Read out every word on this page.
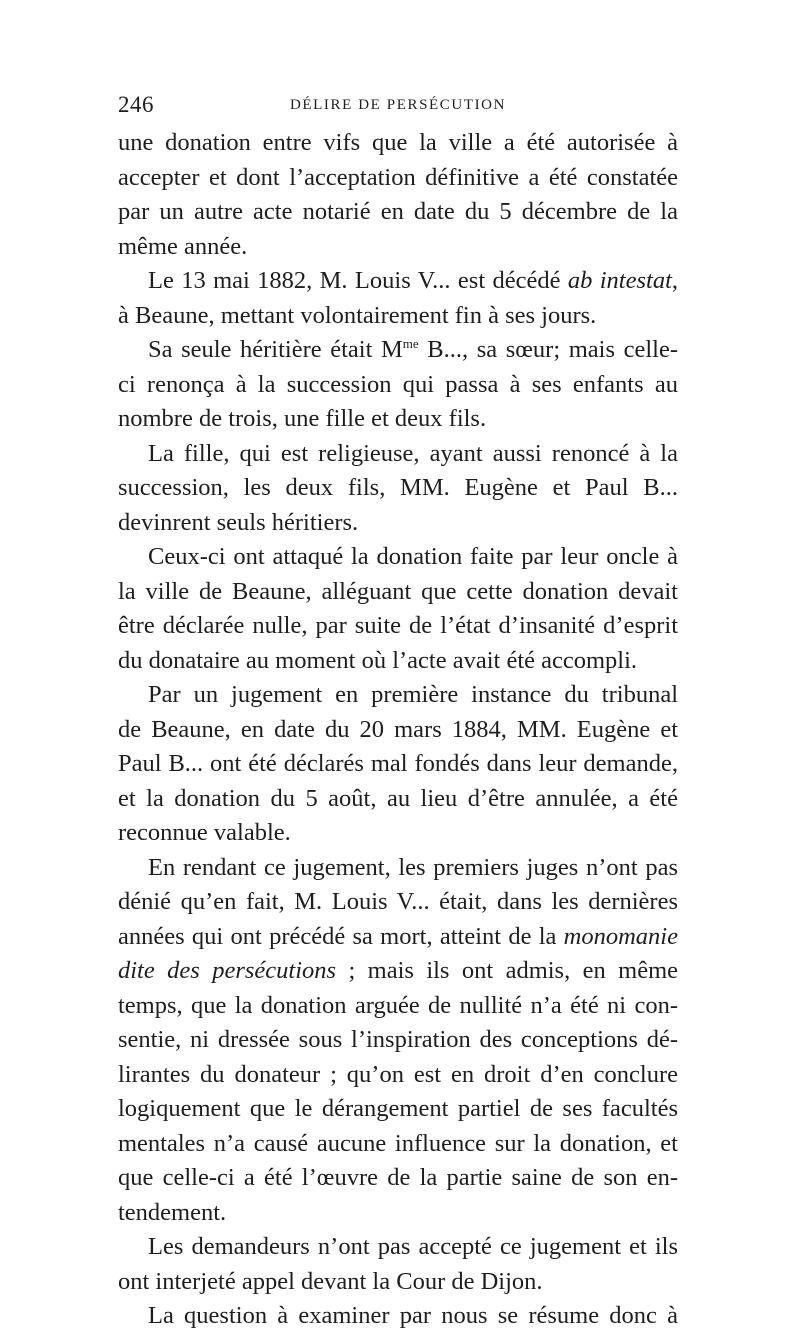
246	DÉLIRE DE PERSÉCUTION
une donation entre vifs que la ville a été autorisée à
accepter et dont l’acceptation définitive a été constatée
par un autre acte notarié en date du 5 décembre de la
même année.
Le 13 mai 1882, M. Louis V... est décédé ab intestat,
à Beaune, mettant volontairement fin à ses jours.
Sa seule héritière était $M^{me}$ B..., sa sœur; mais celle-
ci renonça à la succession qui passa à ses enfants au
nombre de trois, une fille et deux fils.
La fille, qui est religieuse, ayant aussi renoncé à la
succession, les deux fils, MM. Eugène et Paul B...
devinrent seuls héritiers.
Ceux-ci ont attaqué la donation faite par leur oncle à
la ville de Beaune, alléguant que cette donation devait
être déclarée nulle, par suite de l’état d’insanité d’esprit
du donataire au moment où l’acte avait été accompli.
Par un jugement en première instance du tribunal
de Beaune, en date du 20 mars 1884, MM. Eugène et
Paul B... ont été déclarés mal fondés dans leur demande,
et la donation du 5 août, au lieu d’être annulée, a été
reconnue valable.
En rendant ce jugement, les premiers juges n’ont pas
dénié qu’en fait, M. Louis V... était, dans les dernières
années qui ont précédé sa mort, atteint de la monomanie
dite des persécutions ; mais ils ont admis, en même
temps, que la donation arguée de nullité n’a été ni con-
sentie, ni dressée sous l’inspiration des conceptions dé-
lirantes du donateur ; qu’on est en droit d’en conclure
logiquement que le dérangement partiel de ses facultés
mentales n’a causé aucune influence sur la donation, et
que celle-ci a été l’œuvre de la partie saine de son en-
tendement.
Les demandeurs n’ont pas accepté ce jugement et ils
ont interjeté appel devant la Cour de Dijon.
La question à examiner par nous se résume donc à
